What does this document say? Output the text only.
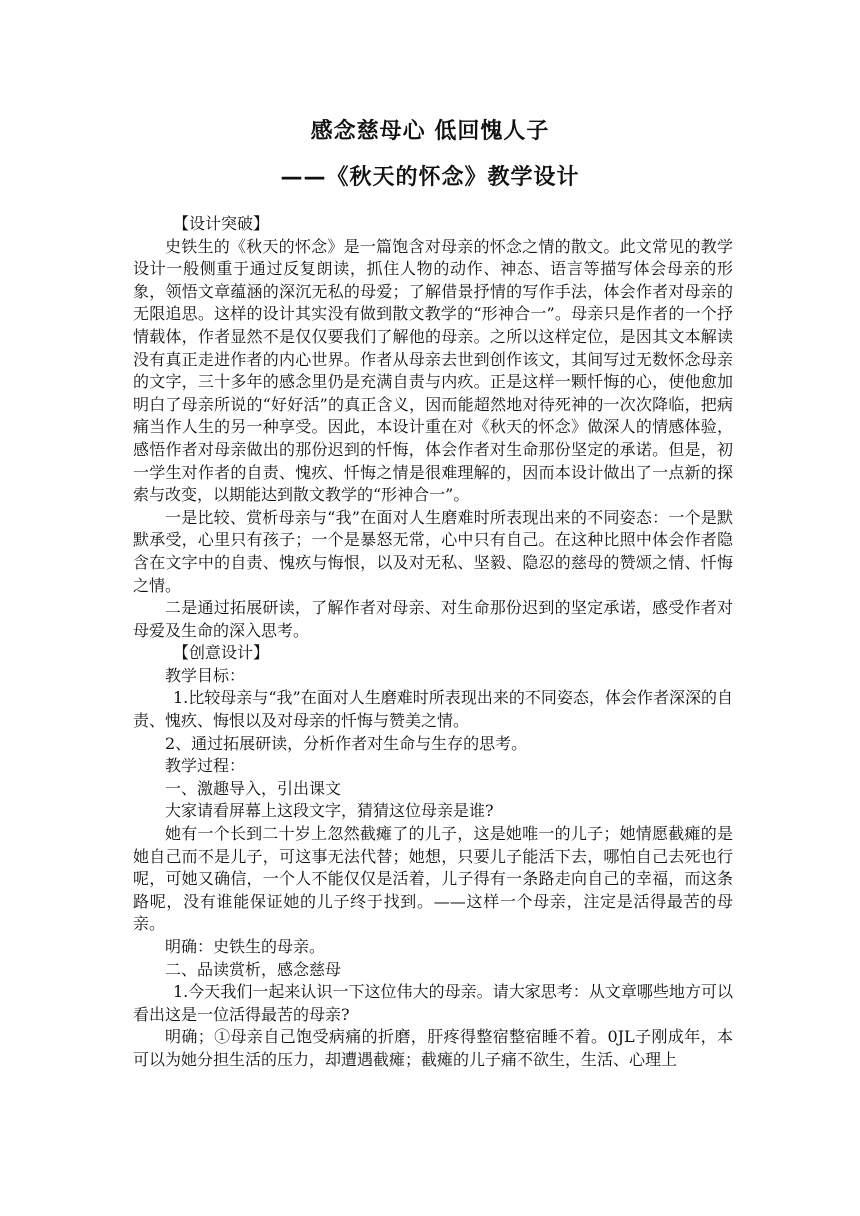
感念慈母心 低回愧人子
——《秋天的怀念》教学设计

【设计突破】

史铁生的《秋天的怀念》是一篇饱含对母亲的怀念之情的散文。此文常见的教学设计一般侧重于通过反复朗读，抓住人物的动作、神态、语言等描写体会母亲的形象，领悟文章蕴涵的深沉无私的母爱；了解借景抒情的写作手法，体会作者对母亲的无限追思。这样的设计其实没有做到散文教学的“形神合一”。母亲只是作者的一个抒情载体，作者显然不是仅仅要我们了解他的母亲。之所以这样定位，是因其文本解读没有真正走进作者的内心世界。作者从母亲去世到创作该文，其间写过无数怀念母亲的文字，三十多年的感念里仍是充满自责与内疚。正是这样一颗忏悔的心，使他愈加明白了母亲所说的“好好活”的真正含义，因而能超然地对待死神的一次次降临，把病痛当作人生的另一种享受。因此，本设计重在对《秋天的怀念》做深人的情感体验，感悟作者对母亲做出的那份迟到的忏悔，体会作者对生命那份坚定的承诺。但是，初一学生对作者的自责、愧疚、忏悔之情是很难理解的，因而本设计做出了一点新的探索与改变，以期能达到散文教学的“形神合一”。

一是比较、赏析母亲与“我”在面对人生磨难时所表现出来的不同姿态：一个是默默承受，心里只有孩子；一个是暴怒无常，心中只有自己。在这种比照中体会作者隐含在文字中的自责、愧疚与悔恨，以及对无私、坚毅、隐忍的慈母的赞颂之情、忏悔之情。

二是通过拓展研读，了解作者对母亲、对生命那份迟到的坚定承诺，感受作者对母爱及生命的深入思考。

【创意设计】

教学目标：

1.比较母亲与“我”在面对人生磨难时所表现出来的不同姿态，体会作者深深的自责、愧疚、悔恨以及对母亲的忏悔与赞美之情。

2、通过拓展研读，分析作者对生命与生存的思考。

教学过程：

一、激趣导入，引出课文

大家请看屏幕上这段文字，猜猜这位母亲是谁?

她有一个长到二十岁上忽然截瘫了的儿子，这是她唯一的儿子；她情愿截瘫的是她自己而不是儿子，可这事无法代替；她想，只要儿子能活下去，哪怕自己去死也行呢，可她又确信，一个人不能仅仅是活着，儿子得有一条路走向自己的幸福，而这条路呢，没有谁能保证她的儿子终于找到。——这样一个母亲，注定是活得最苦的母亲。

明确：史铁生的母亲。

二、品读赏析，感念慈母

1.今天我们一起来认识一下这位伟大的母亲。请大家思考：从文章哪些地方可以看出这是一位活得最苦的母亲?

明确；①母亲自己饱受病痛的折磨，肝疼得整宿整宿睡不着。0JL子刚成年，本可以为她分担生活的压力，却遭遇截瘫；截瘫的儿子痛不欲生，生活、心理上
